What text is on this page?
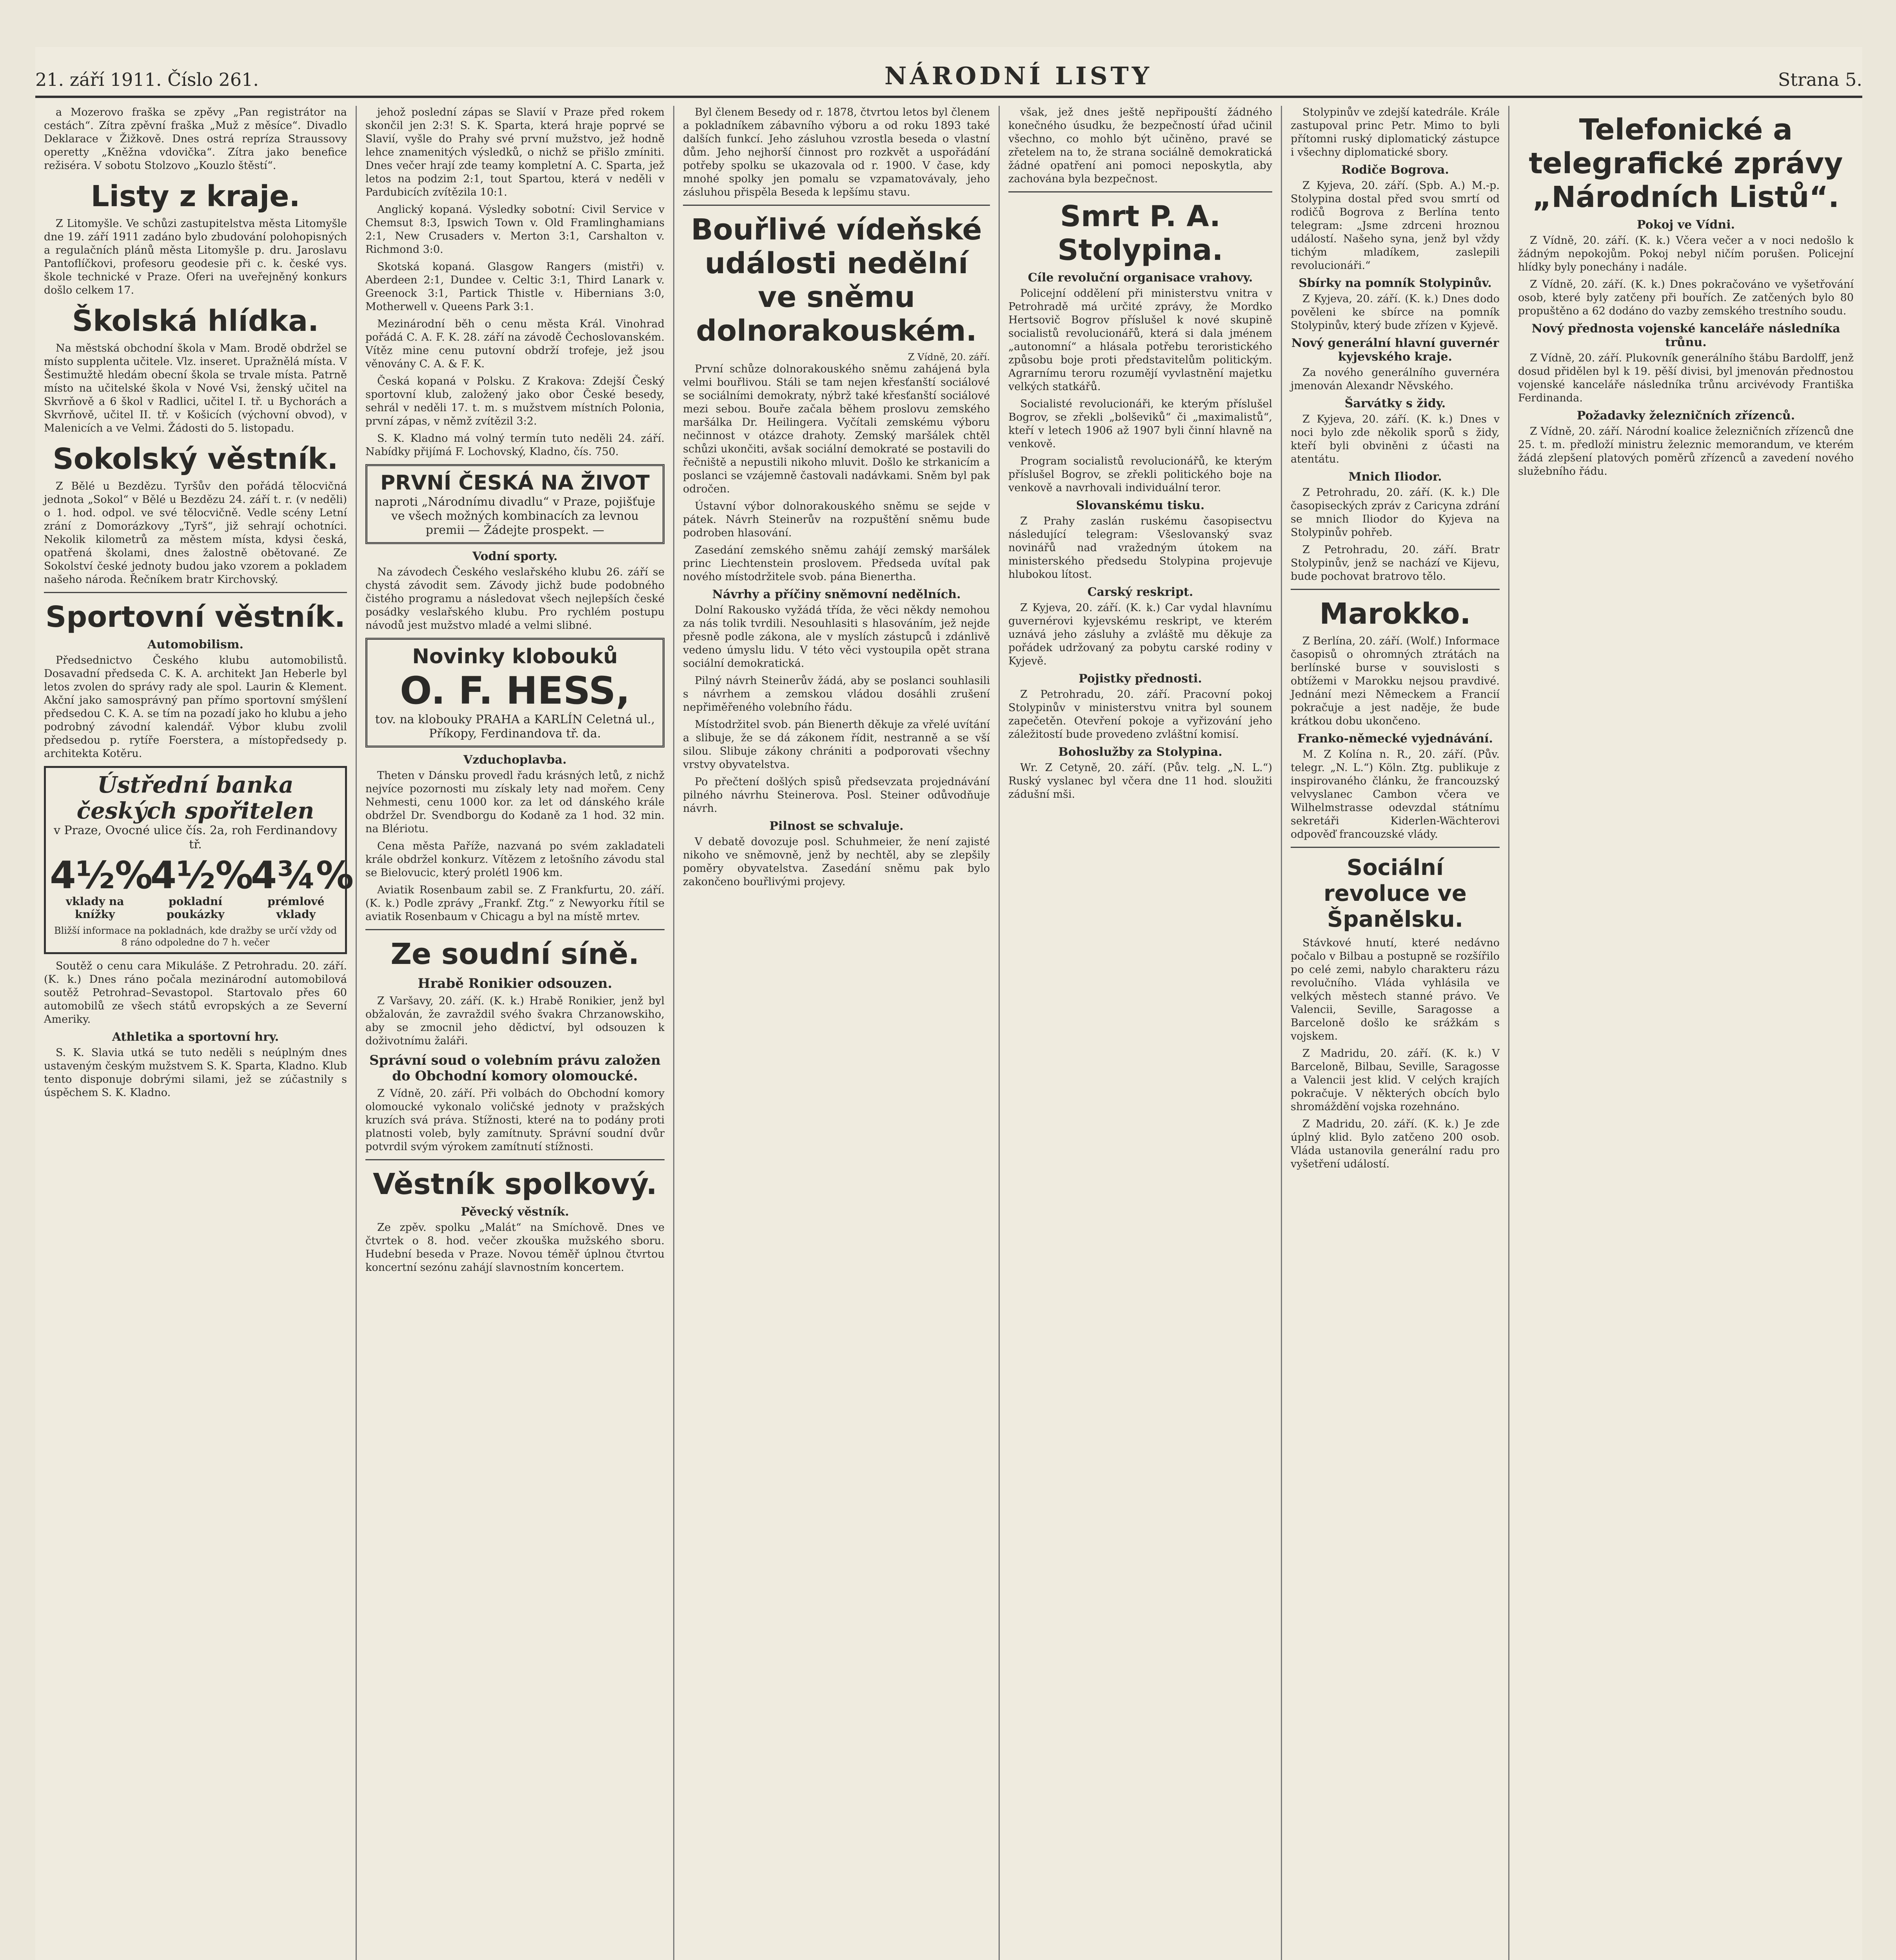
21. září 1911. Číslo 261.	NÁRODNÍ LISTY	Strana 5.

a Mozerovo fraška se zpěvy „Pan registrátor na cestách“. Zítra zpěvní fraška „Muž z měsíce“. Divadlo Deklarace v Žižkově. Dnes ostrá repríza Straussovy operetty „Kněžna vdovička“. Zítra jako benefice režiséra. V sobotu Stolzovo „Kouzlo štěstí“.

Listy z kraje.

Z Litomyšle. Ve schůzi zastupitelstva města Litomyšle dne 19. září 1911 zadáno bylo zbudování polohopisných a regulačních plánů města Litomyšle p. dru. Jaroslavu Pantoflíčkovi, profesoru geodesie při c. k. české vys. škole technické v Praze. Oferi na uveřejněný konkurs došlo celkem 17.

Školská hlídka.

Na městská obchodní škola v Mam. Brodě obdržel se místo supplenta učitele. Vlz. inseret. Upražnělá místa. V Šestimužtě hledám obecní škola se trvale místa. Patrně místo na učitelské škola v Nové Vsi, ženský učitel na Skvrňově a 6 škol v Radlici, učitel I. tř. u Bychorách a Skvrňově, učitel II. tř. v Košicích (výchovní obvod), v Malenicích a ve Velmi. Žádosti do 5. listopadu.

Sokolský věstník.

Z Bělé u Bezdězu. Tyršův den pořádá tělocvičná jednota „Sokol“ v Bělé u Bezdězu 24. září t. r. (v neděli) o 1. hod. odpol. ve své tělocvičně. Vedle scény Letní zrání z Domorázkovy „Tyrš“, již sehrají ochotníci. Nekolik kilometrů za městem místa, kdysi česká, opatřená školami, dnes žalostně obětované. Ze Sokolství české jednoty budou jako vzorem a pokladem našeho národa. Řečníkem bratr Kirchovský.

Sportovní věstník.
Automobilism.

Předsednictvo Českého klubu automobilistů. Dosavadní předseda C. K. A. architekt Jan Heberle byl letos zvolen do správy rady ale spol. Laurin & Klement. Akční jako samosprávný pan přímo sportovní smýšlení předsedou C. K. A. se tím na pozadí jako ho klubu a jeho podrobný závodní kalendář. Výbor klubu zvolil předsedou p. rytíře Foerstera, a místopředsedy p. architekta Kotěru.

Ústřední banka českých spořitelen
v Praze, Ovocné ulice čís. 2a, roh Ferdinandovy tř.
4½%
vklady na knížky
4½%
pokladní poukázky
4¾%
prémlové vklady
Bližší informace na pokladnách, kde dražby se určí vždy od 8 ráno odpoledne do 7 h. večer

Soutěž o cenu cara Mikuláše. Z Petrohradu. 20. září. (K. k.) Dnes ráno počala mezinárodní automobilová soutěž Petrohrad–Sevastopol. Startovalo přes 60 automobilů ze všech států evropských a ze Severní Ameriky.

Athletika a sportovní hry.

S. K. Slavia utká se tuto neděli s neúplným dnes ustaveným českým mužstvem S. K. Sparta, Kladno. Klub tento disponuje dobrými silami, jež se zúčastnily s úspěchem S. K. Kladno.

jehož poslední zápas se Slavií v Praze před rokem skončil jen 2:3! S. K. Sparta, která hraje poprvé se Slavií, vyšle do Prahy své první mužstvo, jež hodně lehce znamenitých výsledků, o nichž se přišlo zmíniti. Dnes večer hrají zde teamy kompletní A. C. Sparta, jež letos na podzim 2:1, tout Spartou, která v neděli v Pardubicích zvítězila 10:1.

Anglický kopaná. Výsledky sobotní: Civil Service v Chemsut 8:3, Ipswich Town v. Old Framlinghamians 2:1, New Crusaders v. Merton 3:1, Carshalton v. Richmond 3:0.

Skotská kopaná. Glasgow Rangers (mistři) v. Aberdeen 2:1, Dundee v. Celtic 3:1, Third Lanark v. Greenock 3:1, Partick Thistle v. Hibernians 3:0, Motherwell v. Queens Park 3:1.

Mezinárodní běh o cenu města Král. Vinohrad pořádá C. A. F. K. 28. září na závodě Čechoslovanském. Vítěz mine cenu putovní obdrží trofeje, jež jsou věnovány C. A. & F. K.

Česká kopaná v Polsku. Z Krakova: Zdejší Český sportovní klub, založený jako obor České besedy, sehrál v neděli 17. t. m. s mužstvem místních Polonia, první zápas, v němž zvítězil 3:2.

S. K. Kladno má volný termín tuto neděli 24. září. Nabídky přijímá F. Lochovský, Kladno, čís. 750.

PRVNÍ ČESKÁ NA ŽIVOT
naproti „Národnímu divadlu“ v Praze, pojišťuje ve všech možných kombinacích za levnou premii — Žádejte prospekt. —
Vodní sporty.

Na závodech Českého veslařského klubu 26. září se chystá závodit sem. Závody jichž bude podobného čistého programu a následovat všech nejlepších české posádky veslařského klubu. Pro rychlém postupu návodů jest mužstvo mladé a velmi slibné.

Novinky klobouků
O. F. HESS,
tov. na klobouky PRAHA a KARLÍN Celetná ul., Příkopy, Ferdinandova tř. da.
Vzduchoplavba.

Theten v Dánsku provedl řadu krásných letů, z nichž nejvíce pozornosti mu získaly lety nad mořem. Ceny Nehmesti, cenu 1000 kor. za let od dánského krále obdržel Dr. Svendborgu do Kodaně za 1 hod. 32 min. na Blériotu.

Cena města Paříže, nazvaná po svém zakladateli krále obdržel konkurz. Vítězem z letošního závodu stal se Bielovucic, který prolétl 1906 km.

Aviatik Rosenbaum zabil se. Z Frankfurtu, 20. září. (K. k.) Podle zprávy „Frankf. Ztg.“ z Newyorku řítil se aviatik Rosenbaum v Chicagu a byl na místě mrtev.

Ze soudní síně.
Hrabě Ronikier odsouzen.

Z Varšavy, 20. září. (K. k.) Hrabě Ronikier, jenž byl obžalován, že zavraždil svého švakra Chrzanowskiho, aby se zmocnil jeho dědictví, byl odsouzen k doživotnímu žaláři.

Správní soud o volebním právu založen do Obchodní komory olomoucké.

Z Vídně, 20. září. Při volbách do Obchodní komory olomoucké vykonalo voličské jednoty v pražských kruzích svá práva. Stížnosti, které na to podány proti platnosti voleb, byly zamítnuty. Správní soudní dvůr potvrdil svým výrokem zamítnutí stížnosti.

Věstník spolkový.
Pěvecký věstník.

Ze zpěv. spolku „Malát“ na Smíchově. Dnes ve čtvrtek o 8. hod. večer zkouška mužského sboru. Hudební besedа v Praze. Novou téměř úplnou čtvrtou koncertní sezónu zahájí slavnostním koncertem.

Byl členem Besedy od r. 1878, čtvrtou letos byl členem a pokladníkem zábavního výboru a od roku 1893 také dalších funkcí. Jeho zásluhou vzrostla besedа o vlastní dům. Jeho nejhorší činnost pro rozkvět a uspořádání potřeby spolku se ukazovala od r. 1900. V čase, kdy mnohé spolky jen pomalu se vzpamatovávaly, jeho zásluhou přispěla Beseda k lepšímu stavu.

Bouřlivé vídeňské události nedělní ve sněmu dolnorakouském.
Z Vídně, 20. září.

První schůze dolnorakouského sněmu zahájená byla velmi bouřlivou. Stáli se tam nejen křesťanští sociálové se sociálními demokraty, nýbrž také křesťanští sociálové mezi sebou. Bouře začala během proslovu zemského maršálka Dr. Heilingera. Vyčítali zemskému výboru nečinnost v otázce drahoty. Zemský maršálek chtěl schůzi ukončiti, avšak sociální demokraté se postavili do řečniště a nepustili nikoho mluvit. Došlo ke strkanicím a poslanci se vzájemně častovali nadávkami. Sněm byl pak odročen.

Ústavní výbor dolnorakouského sněmu se sejde v pátek. Návrh Steinerův na rozpuštění sněmu bude podroben hlasování.

Zasedání zemského sněmu zahájí zemský maršálek princ Liechtenstein proslovem. Předseda uvítal pak nového místodržitele svob. pána Bienertha.

Návrhy a příčiny sněmovní nedělních.

Dolní Rakousko vyžádá třída, že věci někdy nemohou za nás tolik tvrdili. Nesouhlasiti s hlasováním, jež nejde přesně podle zákona, ale v myslích zástupců i zdánlivě vedeno úmyslu lidu. V této věci vystoupila opět strana sociální demokratická.

Pilný návrh Steinerův žádá, aby se poslanci souhlasili s návrhem a zemskou vládou dosáhli zrušení nepřiměřeného volebního řádu.

Místodržitel svob. pán Bienerth děkuje za vřelé uvítání a slibuje, že se dá zákonem řídit, nestranně a se vší silou. Slibuje zákony chrániti a podporovati všechny vrstvy obyvatelstva.

Po přečtení došlých spisů předsevzata projednávání pilného návrhu Steinerova. Posl. Steiner odůvodňuje návrh.

Pilnost se schvaluje.

V debatě dovozuje posl. Schuhmeier, že není zajisté nikoho ve sněmovně, jenž by nechtěl, aby se zlepšily poměry obyvatelstva. Zasedání sněmu pak bylo zakončeno bouřlivými projevy.

však, jež dnes ještě nepřipouští žádného konečného úsudku, že bezpečností úřad učinil všechno, co mohlo být učiněno, pravé se zřetelem na to, že stranа sociálně demokratická žádné opatření ani pomoci neposkytla, aby zachována byla bezpečnost.

Smrt P. A. Stolypina.
Cíle revoluční organisace vrahovy.

Policejní oddělení při ministerstvu vnitra v Petrohradě má určité zprávy, že Mordko Hertsovič Bogrov příslušel k nové skupině socialistů revolucionářů, která si dala jménem „autonomní“ a hlásala potřebu teroristického způsobu boje proti představitelům politickým. Agrarnímu teroru rozumějí vyvlastnění majetku velkých statkářů.

Socialisté revolucionáři, ke kterým příslušel Bogrov, se zřekli „bolševiků“ či „maximalistů“, kteří v letech 1906 až 1907 byli činní hlavně na venkově.

Program socialistů revolucionářů, ke kterým příslušel Bogrov, se zřekli politického boje na venkově a navrhovali individuální teror.

Slovanskému tisku.

Z Prahy zaslán ruskému časopisectvu následující telegram: Všeslovanský svaz novinářů nad vražedným útokem na ministerského předsedu Stolypina projevuje hlubokou lítost.

Carský reskript.

Z Kyjeva, 20. září. (K. k.) Car vydal hlavnímu guvernérovi kyjevskému reskript, ve kterém uznává jeho zásluhy a zvláště mu děkuje za pořádek udržovaný za pobytu carské rodiny v Kyjevě.

Pojistky přednosti.

Z Petrohradu, 20. září. Pracovní pokoj Stolypinův v ministerstvu vnitra byl sounem zapečetěn. Otevření pokoje a vyřizování jeho záležitostí bude provedeno zvláštní komisí.

Bohoslužby za Stolypina.

Wr. Z Cetyně, 20. září. (Pův. telg. „N. L.“) Ruský vyslanec byl včera dne 11 hod. sloužiti zádušní mši.

Stolypinův ve zdejší katedrále. Krále zastupoval princ Petr. Mimo to byli přítomni ruský diplomatický zástupce i všechny diplomatické sbory.

Rodiče Bogrova.

Z Kyjeva, 20. září. (Spb. A.) M.-p. Stolypina dostal před svou smrtí od rodičů Bogrova z Berlína tento telegram: „Jsme zdrceni hroznou událostí. Našeho syna, jenž byl vždy tichým mladíkem, zaslepili revolucionáři.“

Sbírky na pomník Stolypinův.

Z Kyjeva, 20. září. (K. k.) Dnes dodo pověleni ke sbírce na pomník Stolypinův, který bude zřízen v Kyjevě.

Nový generální hlavní guvernér kyjevského kraje.

Za nového generálního guvernéra jmenován Alexandr Něvského.

Šarvátky s židy.

Z Kyjeva, 20. září. (K. k.) Dnes v noci bylo zde několik sporů s židy, kteří byli obviněni z účasti na atentátu.

Mnich Iliodor.

Z Petrohradu, 20. září. (K. k.) Dle časopiseckých zpráv z Caricyna zdrání se mnich Iliodor do Kyjeva na Stolypinův pohřeb.

Z Petrohradu, 20. září. Bratr Stolypinův, jenž se nachází ve Kijevu, bude pochovat bratrovo tělo.

Marokko.

Z Berlína, 20. září. (Wolf.) Informace časopisů o ohromných ztrátách na berlínské burse v souvislosti s obtížemi v Marokku nejsou pravdivé. Jednání mezi Německem a Francií pokračuje a jest naděje, že bude krátkou dobu ukončeno.

Franko-německé vyjednávání.

M. Z Kolína n. R., 20. září. (Pův. telegr. „N. L.“) Köln. Ztg. publikuje z inspirovaného článku, že francouzský velvyslanec Cambon včera ve Wilhelmstrasse odevzdal státnímu sekretáři Kiderlen-Wächterovi odpověď francouzské vlády.

Sociální revoluce ve Španělsku.

Stávkové hnutí, které nedávno počalo v Bilbau a postupně se rozšířilo po celé zemi, nabylo charakteru rázu revolučního. Vláda vyhlásila ve velkých městech stanné právo. Ve Valencii, Seville, Saragosse a Barceloně došlo ke srážkám s vojskem.

Z Madridu, 20. září. (K. k.) V Barceloně, Bilbau, Seville, Saragosse a Valencii jest klid. V celých krajích pokračuje. V některých obcích bylo shromáždění vojska rozehnáno.

Z Madridu, 20. září. (K. k.) Je zde úplný klid. Bylo zatčeno 200 osob. Vláda ustanovila generální radu pro vyšetření událostí.

Telefonické a telegrafické zprávy „Národních Listů“.
Pokoj ve Vídni.

Z Vídně, 20. září. (K. k.) Včera večer a v noci nedošlo k žádným nepokojům. Pokoj nebyl ničím porušen. Policejní hlídky byly ponechány i nadále.

Z Vídně, 20. září. (K. k.) Dnes pokračováno ve vyšetřování osob, které byly zatčeny při bouřích. Ze zatčených bylo 80 propuštěno a 62 dodáno do vazby zemského trestního soudu.

Nový přednosta vojenské kanceláře následníka trůnu.

Z Vídně, 20. září. Plukovník generálního štábu Bardolff, jenž dosud přidělen byl k 19. pěší divisi, byl jmenován přednostou vojenské kanceláře následníka trůnu arcivévody Františka Ferdinanda.

Požadavky železničních zřízenců.

Z Vídně, 20. září. Národní koalice železničních zřízenců dne 25. t. m. předloží ministru železnic memorandum, ve kterém žádá zlepšení platových poměrů zřízenců a zavedení nového služebního řádu.
